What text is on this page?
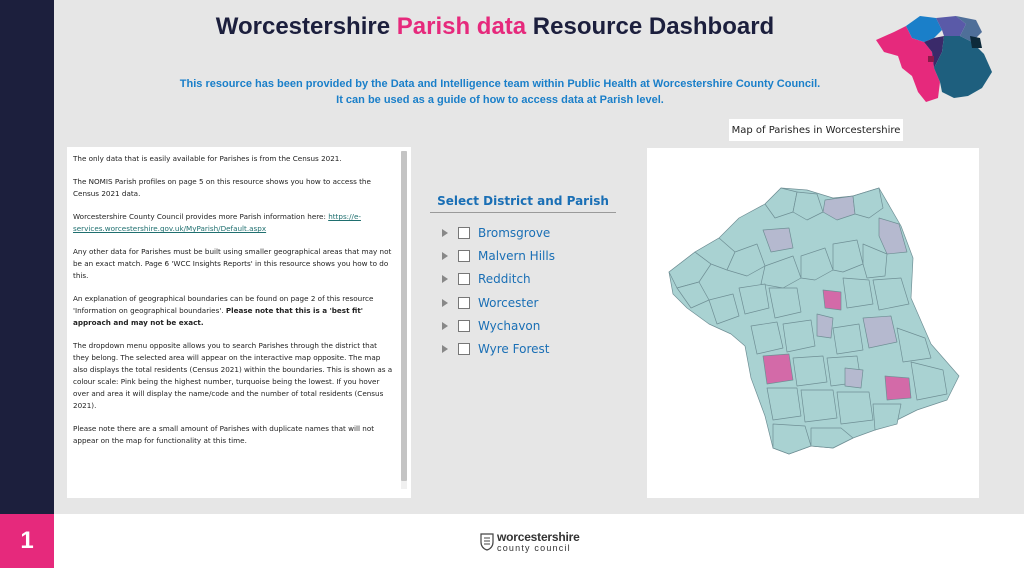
1
Worcestershire Parish data Resource Dashboard
This resource has been provided by the Data and Intelligence team within Public Health at Worcestershire County Council.
It can be used as a guide of how to access data at Parish level.

The only data that is easily available for Parishes is from the Census 2021.

The NOMIS Parish profiles on page 5 on this resource shows you how to access the Census 2021 data.

Worcestershire County Council provides more Parish information here: https://e-services.worcestershire.gov.uk/MyParish/Default.aspx

Any other data for Parishes must be built using smaller geographical areas that may not be an exact match. Page 6 'WCC Insights Reports' in this resource shows you how to do this.

An explanation of geographical boundaries can be found on page 2 of this resource 'Information on geographical boundaries'. Please note that this is a 'best fit' approach and may not be exact.

The dropdown menu opposite allows you to search Parishes through the district that they belong. The selected area will appear on the interactive map opposite. The map also displays the total residents (Census 2021) within the boundaries. This is shown as a colour scale: Pink being the highest number, turquoise being the lowest. If you hover over and area it will display the name/code and the number of total residents (Census 2021).

Please note there are a small amount of Parishes with duplicate names that will not appear on the map for functionality at this time.

Select District and Parish
Bromsgrove
Malvern Hills
Redditch
Worcester
Wychavon
Wyre Forest
Map of Parishes in Worcestershire
worcestershire
county council
